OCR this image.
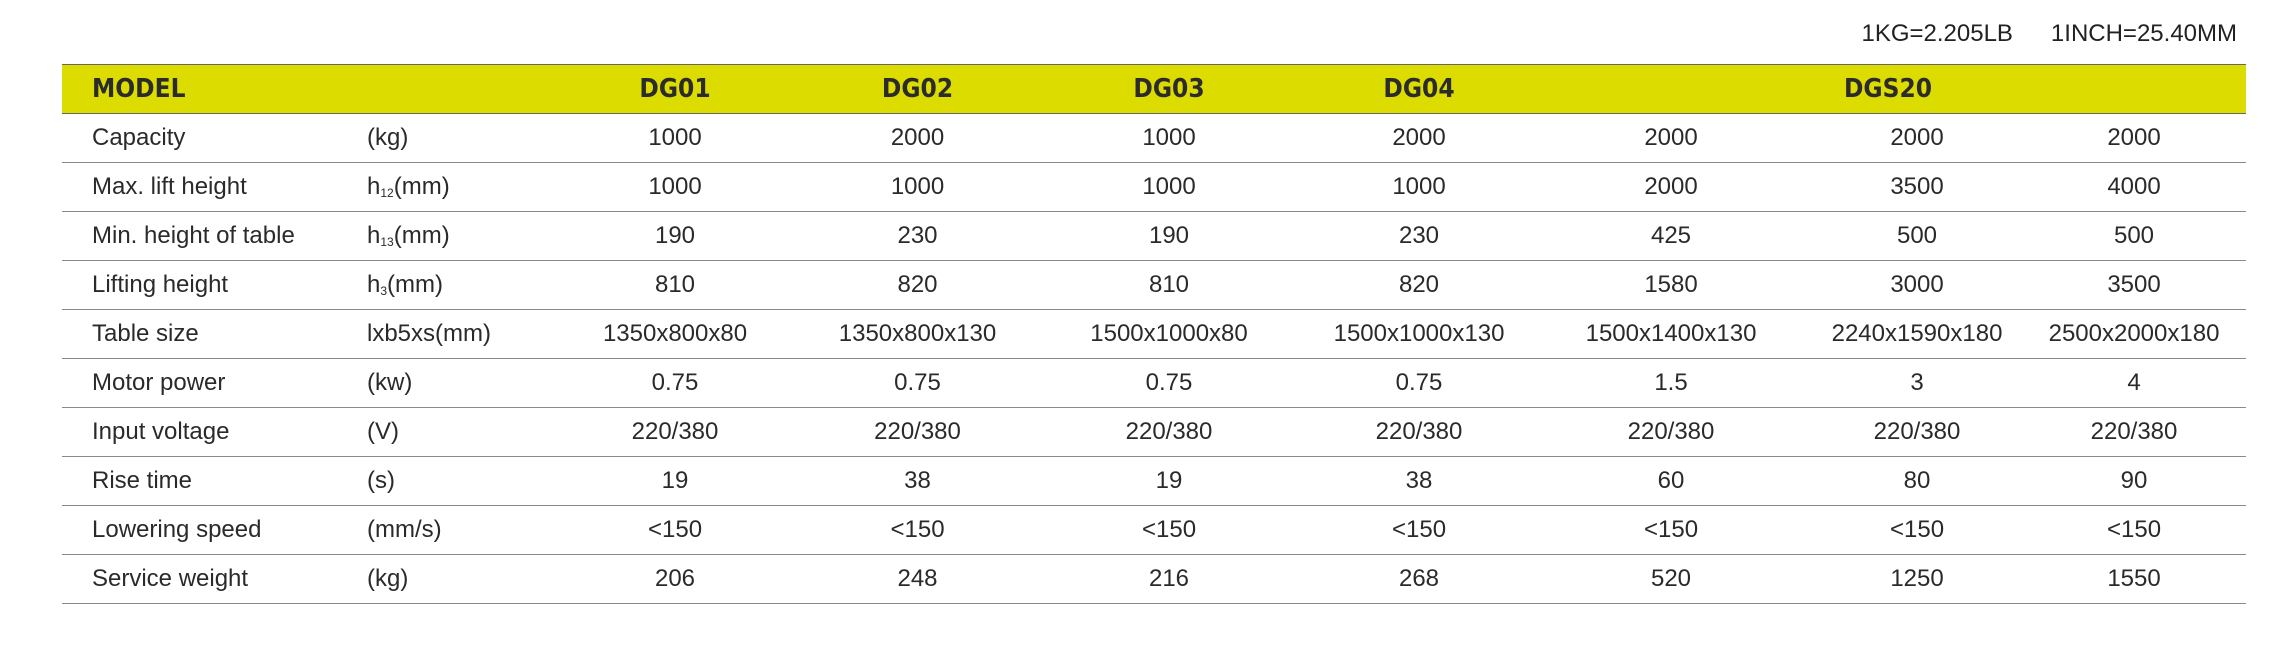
1KG=2.205LB 1INCH=25.40MM
MODEL		DG01	DG02	DG03	DG04	DGS20		
Capacity	(kg)	1000	2000	1000	2000	2000	2000	2000
Max. lift height	$h_{12}(mm)$	1000	1000	1000	1000	2000	3500	4000
Min. height of table	$h_{13}(mm)$	190	230	190	230	425	500	500
Lifting height	$h_3(mm)$	810	820	810	820	1580	3000	3500
Table size	lxb5xs(mm)	1350x800x80	1350x800x130	1500x1000x80	1500x1000x130	1500x1400x130	2240x1590x180	2500x2000x180
Motor power	(kw)	0.75	0.75	0.75	0.75	1.5	3	4
Input voltage	(V)	220/380	220/380	220/380	220/380	220/380	220/380	220/380
Rise time	(s)	19	38	19	38	60	80	90
Lowering speed	(mm/s)	<150	<150	<150	<150	<150	<150	<150
Service weight	(kg)	206	248	216	268	520	1250	1550
